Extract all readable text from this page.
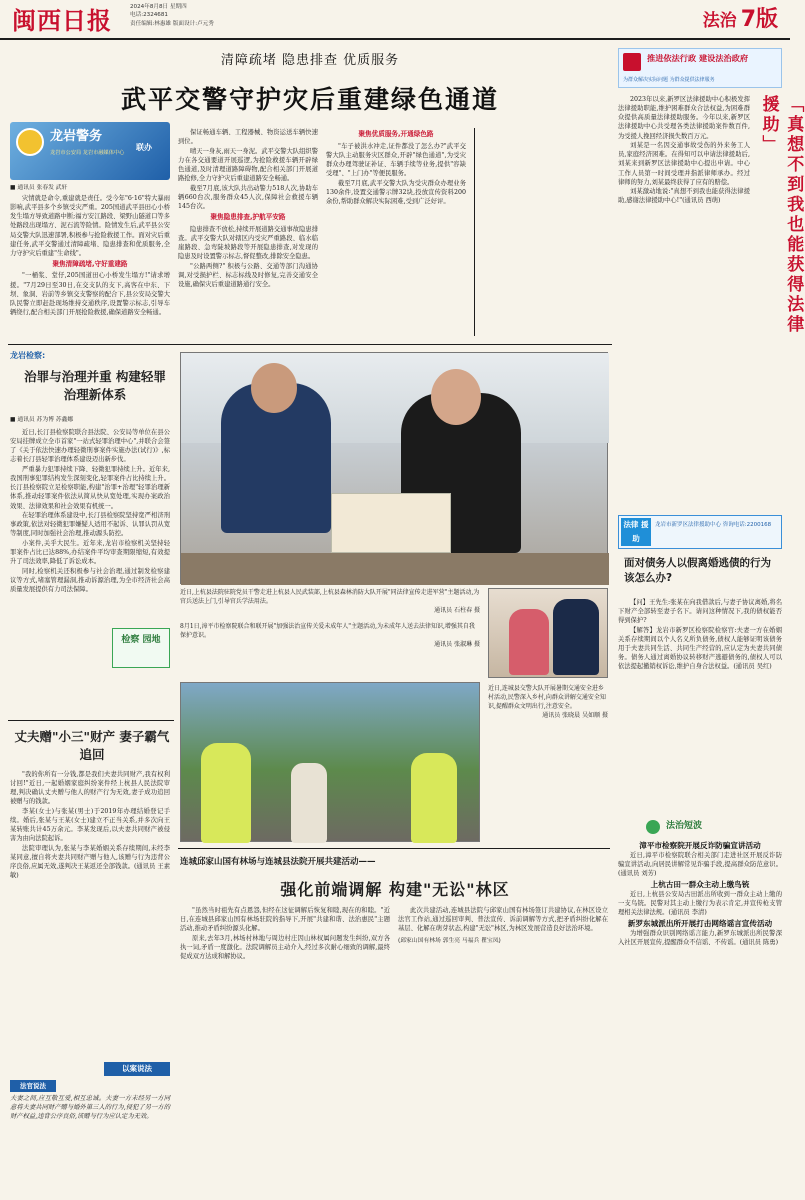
闽西日报	2024年8月8日 星期四
电话:2324681
责任编辑:林惠雄 版面设计:卢元秀	法治 7版
清障疏堵 隐患排查 优质服务
武平交警守护灾后重建绿色通道
龙岩警务
龙岩市公安局 龙岩市融媒体中心
联办
■ 通讯员 张春发 武轩

灾情就是命令,重建就是责任。受今年"6·16"特大暴雨影响,武平县多个乡镇受灾严重。205国道武平县田心小桥发生塌方导致道路中断;福方安江路段、梁野山隧道口等多处路段出现塌方、泥石流等险情。险情发生后,武平县公安局交警大队迅速部署,积极参与抢险救援工作。面对灾后重建任务,武平交警通过清障疏堵、隐患排查和优质服务,全力守护灾后重建"生命线"。

聚焦清障疏堵,守好重建路

"一桶浆、堂仔,205国道田心小桥发生塌方!"请求增援。"7月29日至30日,在交支队的支下,高客在中东、下坝、象洞、岩前等乡镇交支警察的配合下,县公安局交警大队民警立即赶赴现场维持交通秩序,设置警示标志,引导车辆绕行,配合相关部门开展抢险救援,确保道路安全畅通。

保证畅通车辆、工程器械、物资运送车辆快速到位。

晴天一身灰,雨天一身泥。武平交警大队组织警力在各交通要道开展巡逻,为抢险救援车辆开辟绿色通道,及时清理道路障碍物,配合相关部门开展道路抢修,全力守护灾后重建道路安全畅通。

截至7月底,该大队共出动警力518人次,协助车辆660台次,服务群众45人次,保障社会救援车辆145台次。

聚焦隐患排查,护航平安路

隐患排查不放松,持续开展道路交通事故隐患排查。武平交警大队对辖区内受灾严重路段、临水临崖路段、急弯陡坡路段等开展隐患排查,对发现的隐患及时设置警示标志,督促整改,排除安全隐患。

"公路两侧?" 积极与公路、交通等部门沟通协调,对受损护栏、标志标线及时修复,完善交通安全设施,确保灾后重建道路通行安全。

聚焦优质服务,开通绿色路

"车子被洪水冲走,证件都没了怎么办?"武平交警大队主动服务灾区群众,开辟"绿色通道",为受灾群众办理驾驶证补证、车辆手续等业务,提供"容缺受理"、"上门办"等便民服务。

截至7月底,武平交警大队为受灾群众办理业务130余件,设置交通警示牌32块,投放宣传资料200余份,帮助群众解决实际困难,受到广泛好评。

推进依法行政 建设法治政府
为群众解决实际问题 为群众提供法律服务
「真想不到我也能获得法律援助」

2023年以来,新罗区法律援助中心积极发挥法律援助职能,维护困难群众合法权益,为困难群众提供高质量法律援助服务。今年以来,新罗区法律援助中心共受理各类法律援助案件数百件,为受援人挽回经济损失数百万元。

刘某是一名因交通事故受伤的外来务工人员,家庭经济困难。在得知可以申请法律援助后,刘某来到新罗区法律援助中心提出申请。中心工作人员第一时间受理并指派律师承办。经过律师的努力,刘某最终获得了应有的赔偿。

刘某激动地说:"真想不到我也能获得法律援助,感谢法律援助中心!"(通讯员 西萌)

法律 援助
龙岩市新罗区法律援助中心 咨询电话:2200168
面对债务人以假离婚逃债的行为该怎么办?

【问】王先生:张某在向我借款后,与妻子协议离婚,将名下财产全部转至妻子名下。请问这种情况下,我的债权能否得到保护?

【解答】龙岩市新罗区检察院检察官:夫妻一方在婚姻关系存续期间以个人名义所负债务,债权人能够证明该债务用于夫妻共同生活、共同生产经营的,应认定为夫妻共同债务。债务人通过离婚协议转移财产逃避债务的,债权人可以依法提起撤销权诉讼,维护自身合法权益。(通讯员 吴红)

法治短波
漳平市检察院开展反诈防骗宣讲活动

近日,漳平市检察院联合相关部门走进社区开展反诈防骗宣讲活动,向居民讲解常见诈骗手段,提高群众防范意识。(通讯员 刘芳)

上杭古田一群众主动上缴鸟铳

近日,上杭县公安局古田派出所收到一群众主动上缴的一支鸟铳。民警对其主动上缴行为表示肯定,并宣传枪支管理相关法律法规。(通讯员 李清)

新罗东城派出所开展打击网络谣言宣传活动

为增强群众识别网络谣言能力,新罗东城派出所民警深入社区开展宣传,提醒群众不信谣、不传谣。(通讯员 陈勇)

龙岩检察:
治罪与治理并重 构建轻罪治理新体系
■ 通讯员 苏为博 苏鑫娜

近日,长汀县检察院联合县法院、公安局等单位在县公安局挂牌成立全市首家"一站式轻罪治理中心",并联合会签了《关于依法快速办理轻微刑事案件实施办法(试行)》,标志着长汀县轻罪治理体系建设迈出新步伐。

严重暴力犯罪持续下降、轻微犯罪持续上升。近年来,我国刑事犯罪结构发生深刻变化,轻罪案件占比持续上升。长汀县检察院立足检察职能,构建"治罪+治理"轻罪治理新体系,推动轻罪案件依法从简从快从宽处理,实现办案政治效果、法律效果和社会效果有机统一。

在轻罪治理体系建设中,长汀县检察院坚持宽严相济刑事政策,依法对轻微犯罪嫌疑人适用不起诉、认罪认罚从宽等制度,同时加强社会治理,推动源头防控。

小案件,关乎大民生。近年来,龙岩市检察机关坚持轻罪案件占比已达88%,办结案件平均审查期限缩短,有效提升了司法效率,降低了诉讼成本。

同时,检察机关还积极参与社会治理,通过制发检察建议等方式,堵塞管理漏洞,推动诉源治理,为全市经济社会高质量发展提供有力司法保障。

检察 园地
丈夫赠"小三"财产 妻子霸气追回

"我的你所有一分钱,都是我们夫妻共同财产,我有权利讨回!"近日,一起婚姻家庭纠纷案件经上杭县人民法院审理,判决确认丈夫赠与他人的财产行为无效,妻子成功追回被赠与的钱款。

李某(女士)与张某(男士)于2019年办理结婚登记手续。婚后,张某与王某(女士)建立不正当关系,并多次向王某转账共计45万余元。李某发现后,以夫妻共同财产被侵害为由向法院起诉。

法院审理认为,张某与李某婚姻关系存续期间,未经李某同意,擅自将夫妻共同财产赠与他人,该赠与行为违背公序良俗,应属无效,遂判决王某返还全部钱款。(通讯员 王素敏)

以案说法
法官说法
夫妻之间,应互敬互爱,相互忠诚。夫妻一方未经另一方同意将夫妻共同财产赠与婚外第三人的行为,侵犯了另一方的财产权益,违背公序良俗,该赠与行为应认定为无效。
近日,上杭县法院驻院党员干警走进上杭县人民武装部,上杭县森林消防大队开展"同法律宣传走进军营"主题活动,为官兵送法上门,引导官兵学法用法。
通讯员 石柱春 摄
8月1日,漳平市检察院联合和联开展"加强法治宣传关爱未成年人"主题活动,为未成年人送去法律知识,增强其自我保护意识。
通讯员 张淑琳 摄
近日,连城县交警大队开展暑期交通安全进乡村活动,民警深入乡村,向群众讲解交通安全知识,提醒群众文明出行,注意安全。
通讯员 张晓晨 吴如顺 摄
连城邱家山国有林场与连城县法院开展共建活动——
强化前端调解 构建"无讼"林区

"虽然当时祖先有点恩怨,但经在这征调解后恢复和睦,现在的和睦。"近日,在连城县邱家山国有林场驻院的指导下,开展"共建和谐、法治惠民"主题活动,推动矛盾纠纷源头化解。

原来,去年3月,林场村林地与周边村庄因山林权属问题发生纠纷,双方各执一词,矛盾一度激化。法院调解员主动介入,经过多次耐心细致的调解,最终促成双方达成和解协议。

此次共建活动,连城县法院与邱家山国有林场签订共建协议,在林区设立法官工作站,通过巡回审判、普法宣传、诉前调解等方式,把矛盾纠纷化解在基层、化解在萌芽状态,构建"无讼"林区,为林区发展营造良好法治环境。

(邱家山国有林场 郭生亮 马福兵 瞿宝凤)
